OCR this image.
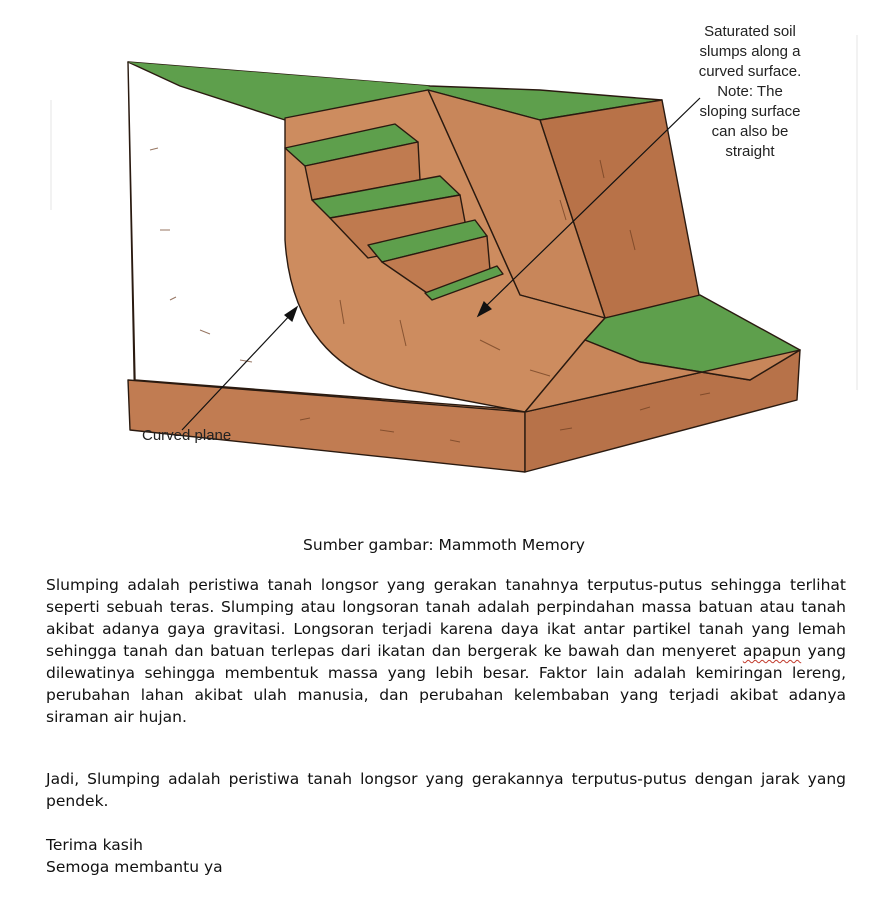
Saturated soil
slumps along a
curved surface.
Note: The
sloping surface
can also be
straight
Curved plane
Sumber gambar: Mammoth Memory

Slumping adalah peristiwa tanah longsor yang gerakan tanahnya terputus-putus sehingga terlihat seperti sebuah teras. Slumping atau longsoran tanah adalah perpindahan massa batuan atau tanah akibat adanya gaya gravitasi. Longsoran terjadi karena daya ikat antar partikel tanah yang lemah sehingga tanah dan batuan terlepas dari ikatan dan bergerak ke bawah dan menyeret apapun yang dilewatinya sehingga membentuk massa yang lebih besar. Faktor lain adalah kemiringan lereng, perubahan lahan akibat ulah manusia, dan perubahan kelembaban yang terjadi akibat adanya siraman air hujan.

Jadi, Slumping adalah peristiwa tanah longsor yang gerakannya terputus-putus dengan jarak yang pendek.

Terima kasih
Semoga membantu ya
